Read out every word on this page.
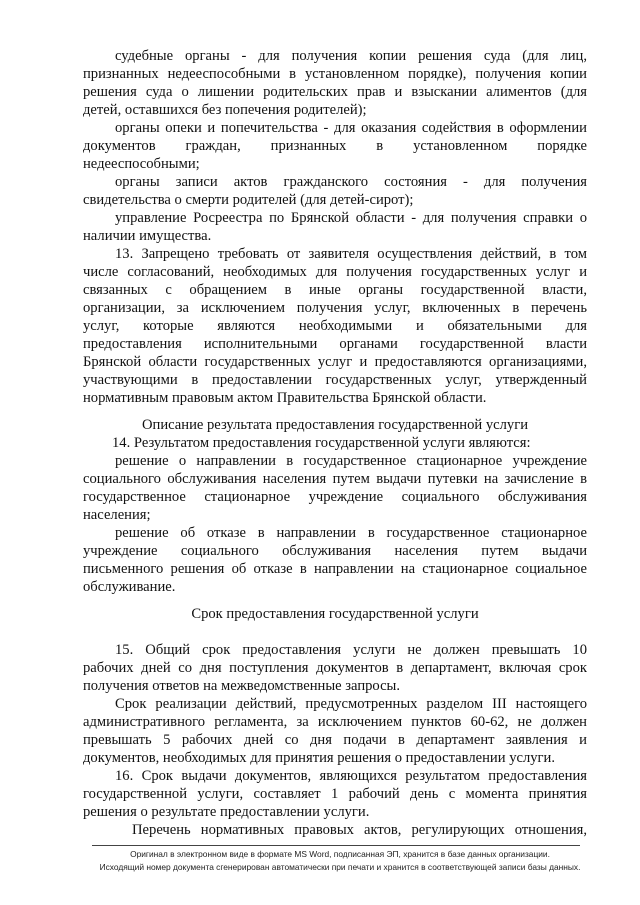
судебные органы - для получения копии решения суда (для лиц,
признанных недееспособными в установленном порядке), получения копии
решения суда о лишении родительских прав и взыскании алиментов (для
детей, оставшихся без попечения родителей);
органы опеки и попечительства - для оказания содействия в оформлении
документов граждан, признанных в установленном порядке
недееспособными;
органы записи актов гражданского состояния - для получения
свидетельства о смерти родителей (для детей-сирот);
управление Росреестра по Брянской области - для получения справки о
наличии имущества.
13. Запрещено требовать от заявителя осуществления действий, в том
числе согласований, необходимых для получения государственных услуг и
связанных с обращением в иные органы государственной власти,
организации, за исключением получения услуг, включенных в перечень
услуг, которые являются необходимыми и обязательными для
предоставления исполнительными органами государственной власти
Брянской области государственных услуг и предоставляются организациями,
участвующими в предоставлении государственных услуг, утвержденный
нормативным правовым актом Правительства Брянской области.
Описание результата предоставления государственной услуги
14. Результатом предоставления государственной услуги являются:
решение о направлении в государственное стационарное учреждение
социального обслуживания населения путем выдачи путевки на зачисление в
государственное стационарное учреждение социального обслуживания
населения;
решение об отказе в направлении в государственное стационарное
учреждение социального обслуживания населения путем выдачи
письменного решения об отказе в направлении на стационарное социальное
обслуживание.
Срок предоставления государственной услуги
15. Общий срок предоставления услуги не должен превышать 10
рабочих дней со дня поступления документов в департамент, включая срок
получения ответов на межведомственные запросы.
Срок реализации действий, предусмотренных разделом III настоящего
административного регламента, за исключением пунктов 60-62, не должен
превышать 5 рабочих дней со дня подачи в департамент заявления и
документов, необходимых для принятия решения о предоставлении услуги.
16. Срок выдачи документов, являющихся результатом предоставления
государственной услуги, составляет 1 рабочий день с момента принятия
решения о результате предоставлении услуги.
Перечень нормативных правовых актов, регулирующих отношения,
Оригинал в электронном виде в формате MS Word, подписанная ЭП, хранится в базе данных организации.
Исходящий номер документа сгенерирован автоматически при печати и хранится в соответствующей записи базы данных.
